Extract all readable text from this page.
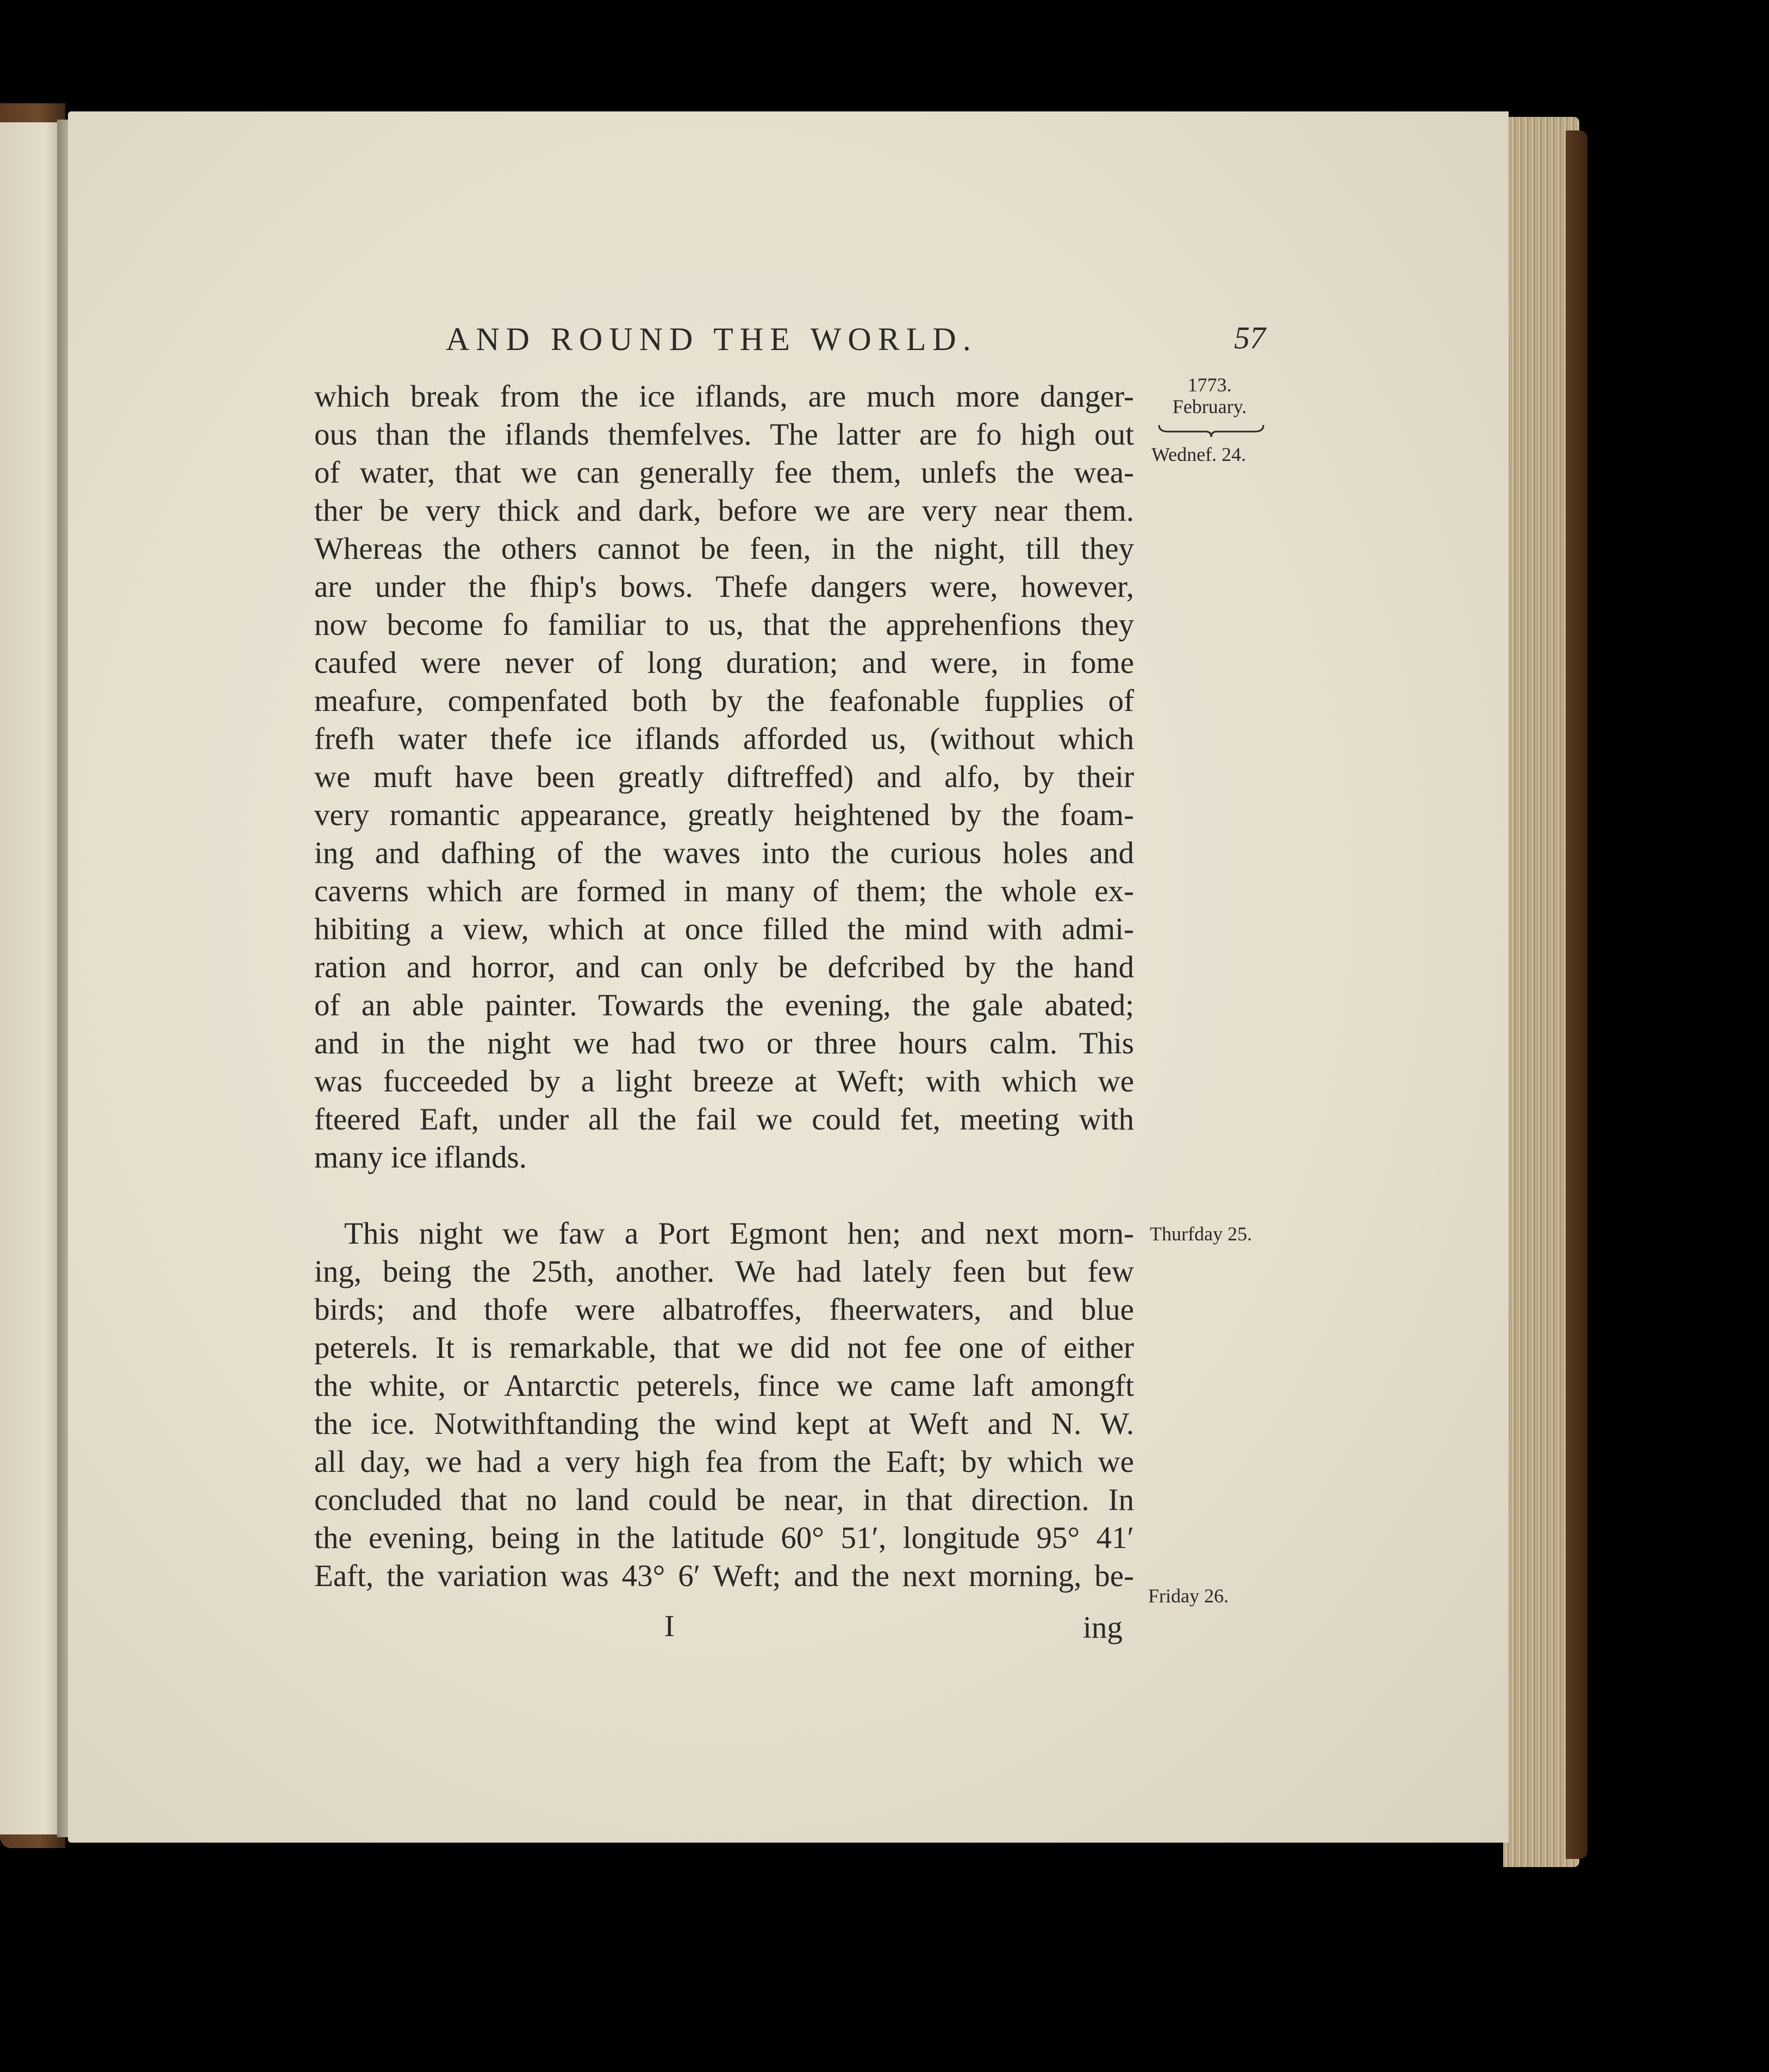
AND ROUND THE WORLD.	57
1773.
February.
Wednef. 24.
Thurfday 25.
Friday 26.
which break from the ice iflands, are much more danger-
ous than the iflands themfelves. The latter are fo high out
of water, that we can generally fee them, unlefs the wea-
ther be very thick and dark, before we are very near them.
Whereas the others cannot be feen, in the night, till they
are under the fhip's bows. Thefe dangers were, however,
now become fo familiar to us, that the apprehenfions they
caufed were never of long duration; and were, in fome
meafure, compenfated both by the feafonable fupplies of
frefh water thefe ice iflands afforded us, (without which
we muft have been greatly diftreffed) and alfo, by their
very romantic appearance, greatly heightened by the foam-
ing and dafhing of the waves into the curious holes and
caverns which are formed in many of them; the whole ex-
hibiting a view, which at once filled the mind with admi-
ration and horror, and can only be defcribed by the hand
of an able painter. Towards the evening, the gale abated;
and in the night we had two or three hours calm. This
was fucceeded by a light breeze at Weft; with which we
fteered Eaft, under all the fail we could fet, meeting with
many ice iflands.
This night we faw a Port Egmont hen; and next morn-
ing, being the 25th, another. We had lately feen but few
birds; and thofe were albatroffes, fheerwaters, and blue
peterels. It is remarkable, that we did not fee one of either
the white, or Antarctic peterels, fince we came laft amongft
the ice. Notwithftanding the wind kept at Weft and N. W.
all day, we had a very high fea from the Eaft; by which we
concluded that no land could be near, in that direction. In
the evening, being in the latitude 60° 51′, longitude 95° 41′
Eaft, the variation was 43° 6′ Weft; and the next morning, be-
I	ing
